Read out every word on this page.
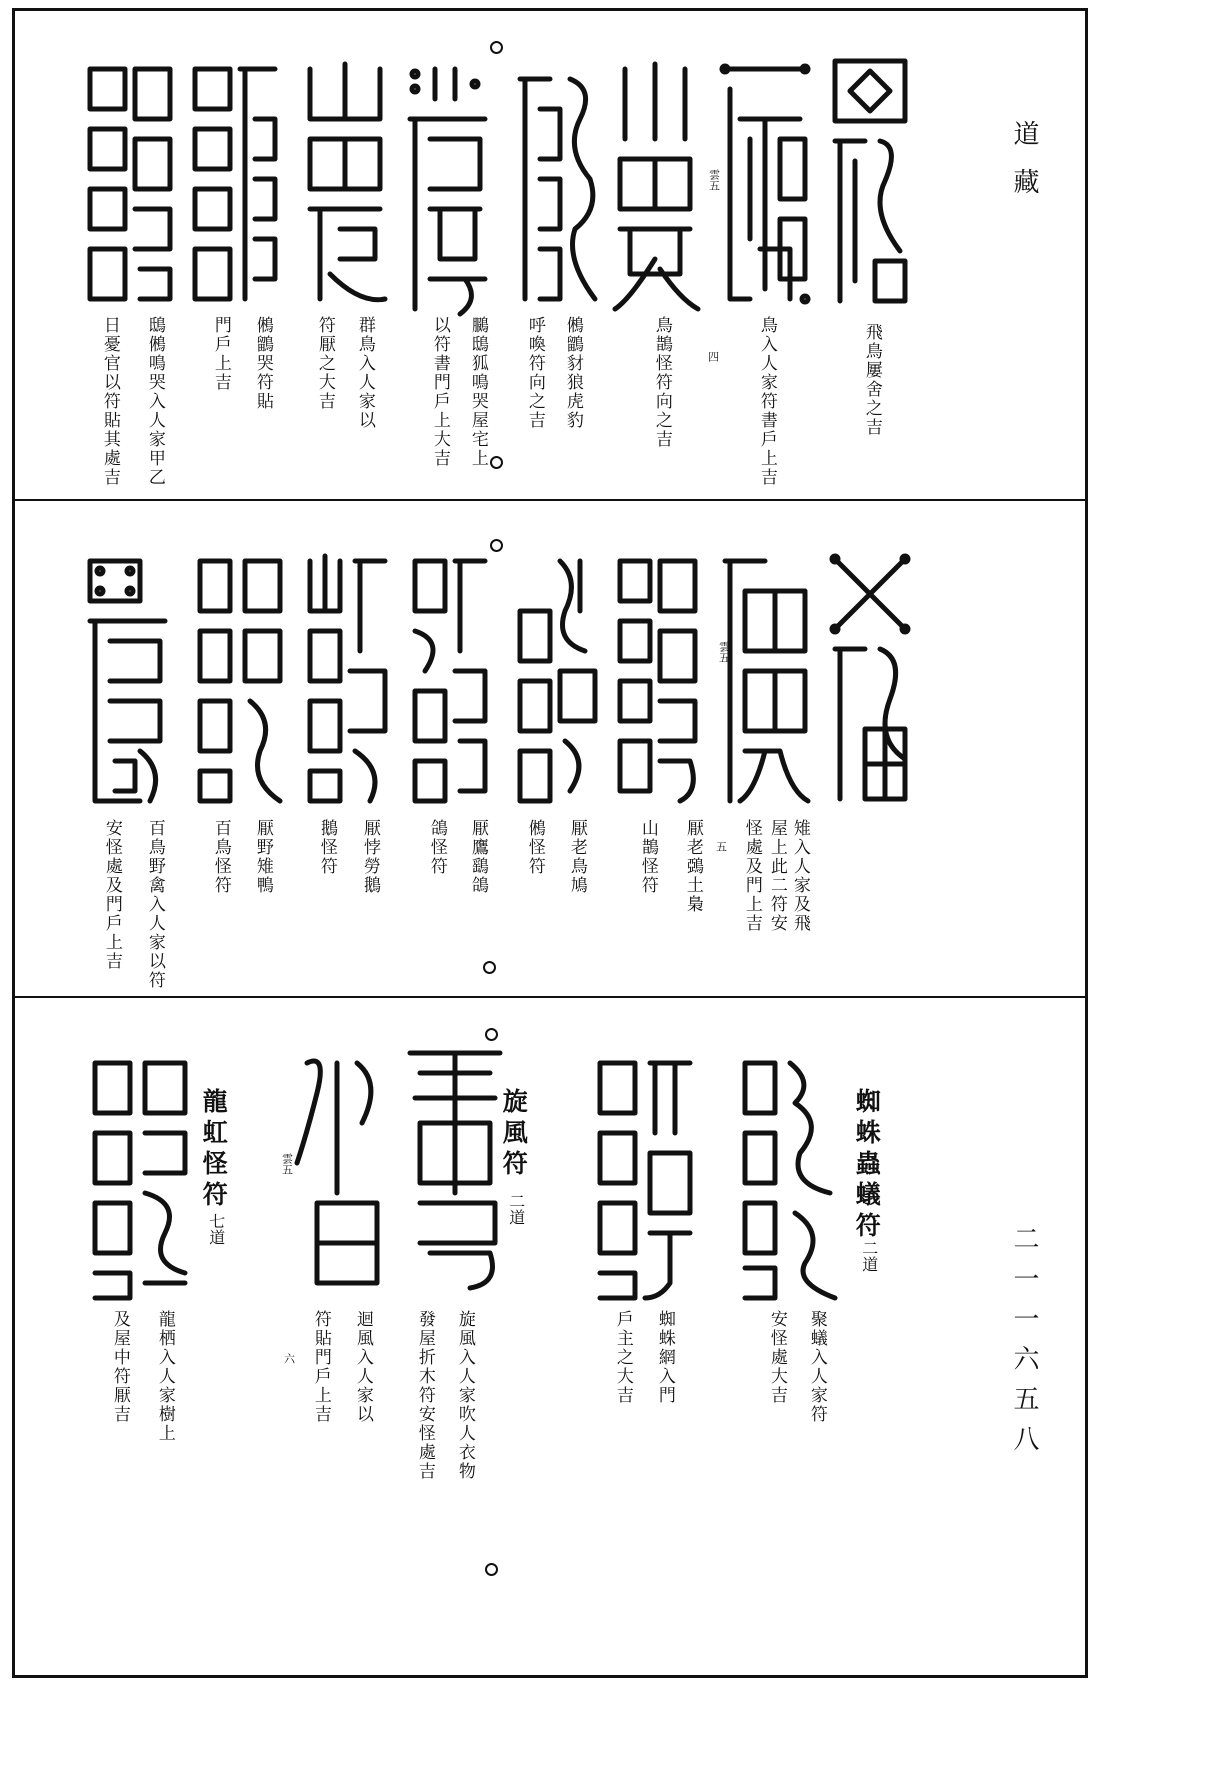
道藏
二一一六五八
飛鳥屢舍之吉
鳥入人家符書戶上吉
鳥鵲怪符向之吉
鵂鶹豺狼虎豹
呼喚符向之吉
鵩鴟狐鳴哭屋宅上
以符書門戶上大吉
群鳥入人家以
符厭之大吉
鵂鶹哭符貼
門戶上吉
鴟鵂鳴哭入人家甲乙
日憂官以符貼其處吉	四
雲五
雉入人家及飛
屋上此二符安
怪處及門上吉
厭老鵶土梟
山鵲怪符
厭老鳥鳩
鵂怪符
厭鷹鷂鴿
鴿怪符
厭悖勞鵝
鵝怪符
厭野雉鴨
百鳥怪符
百鳥野禽入人家以符
安怪處及門戶上吉	五
雲五
蜘蛛蟲蟻符
二道
旋風符
二道
龍虹怪符
七道
聚蟻入人家符
安怪處大吉
蜘蛛網入門
戶主之大吉
旋風入人家吹人衣物
發屋折木符安怪處吉
迴風入人家以
符貼門戶上吉
龍栖入人家樹上
及屋中符厭吉	六
雲五
